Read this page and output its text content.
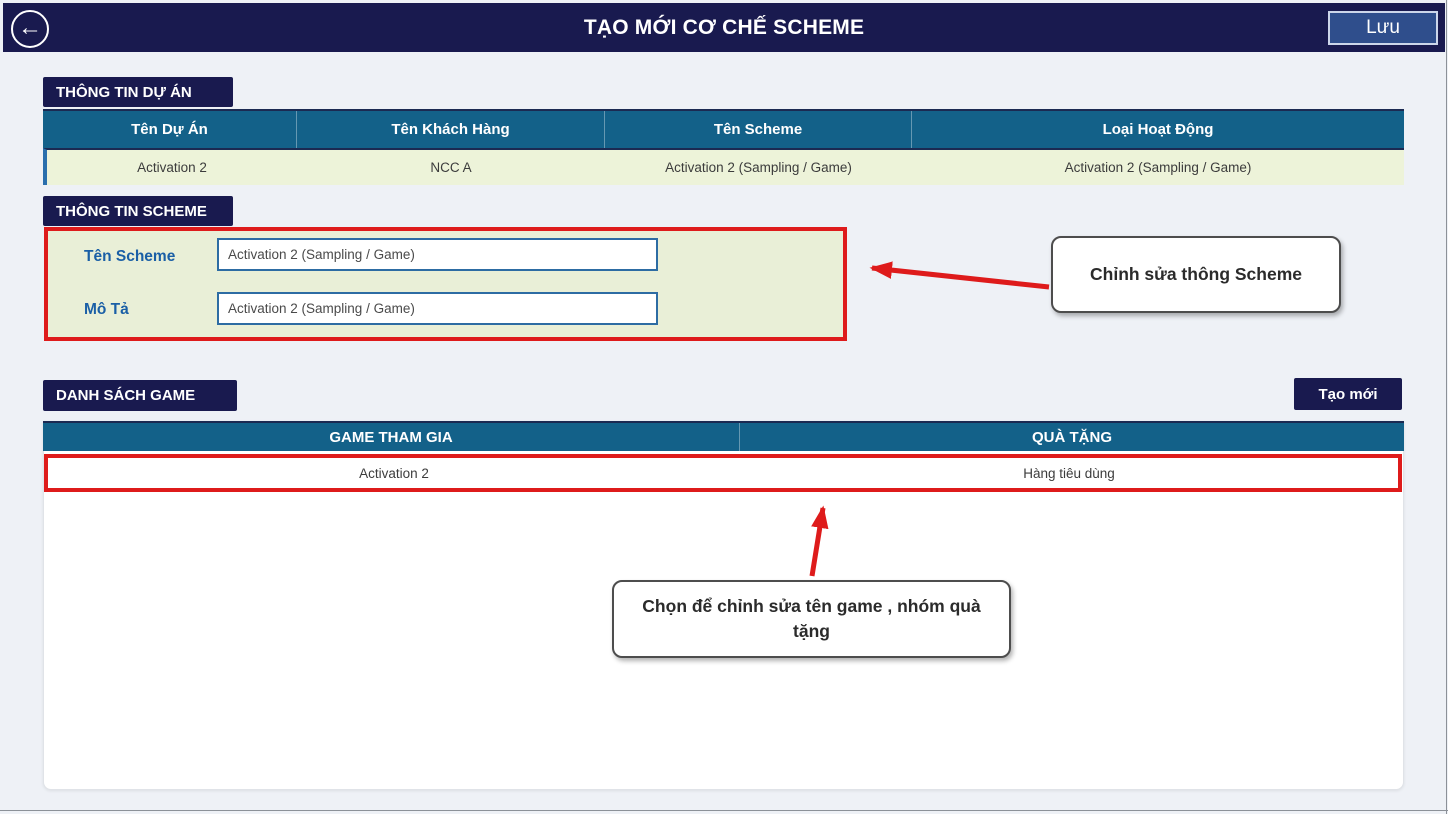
←	TẠO MỚI CƠ CHẾ SCHEME	Lưu
THÔNG TIN DỰ ÁN
Tên Dự Án	Tên Khách Hàng	Tên Scheme	Loại Hoạt Động
Activation 2	NCC A	Activation 2 (Sampling / Game)	Activation 2 (Sampling / Game)
THÔNG TIN SCHEME
Tên Scheme
Activation 2 (Sampling / Game)
Mô Tả
Activation 2 (Sampling / Game)
Chỉnh sửa thông Scheme
DANH SÁCH GAME	Tạo mới
GAME THAM GIA	QUÀ TẶNG
Activation 2	Hàng tiêu dùng
Chọn để chỉnh sửa tên game , nhóm quà tặng
